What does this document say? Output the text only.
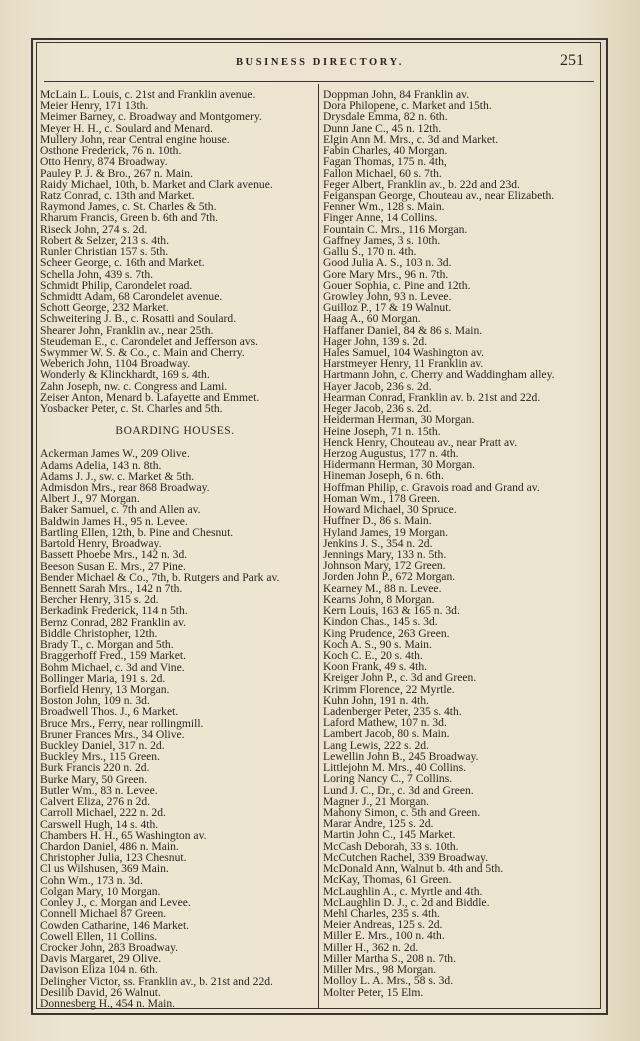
BUSINESS DIRECTORY.	251
McLain L. Louis, c. 21st and Franklin avenue.
Meier Henry, 171 13th.
Meimer Barney, c. Broadway and Montgomery.
Meyer H. H., c. Soulard and Menard.
Mullery John, rear Central engine house.
Osthone Frederick, 76 n. 10th.
Otto Henry, 874 Broadway.
Pauley P. J. & Bro., 267 n. Main.
Raidy Michael, 10th, b. Market and Clark avenue.
Ratz Conrad, c. 13th and Market.
Raymond James, c. St. Charles & 5th.
Rharum Francis, Green b. 6th and 7th.
Riseck John, 274 s. 2d.
Robert & Selzer, 213 s. 4th.
Runler Christian 157 s. 5th.
Scheer George, c. 16th and Market.
Schella John, 439 s. 7th.
Schmidt Philip, Carondelet road.
Schmidtt Adam, 68 Carondelet avenue.
Schott George, 232 Market.
Schweitering J. B., c. Rosatti and Soulard.
Shearer John, Franklin av., near 25th.
Steudeman E., c. Carondelet and Jefferson avs.
Swymmer W. S. & Co., c. Main and Cherry.
Weberich John, 1104 Broadway.
Wonderly & Klinckhardt, 169 s. 4th.
Zahn Joseph, nw. c. Congress and Lami.
Zeiser Anton, Menard b. Lafayette and Emmet.
Yosbacker Peter, c. St. Charles and 5th.
BOARDING HOUSES.
Ackerman James W., 209 Olive.
Adams Adelia, 143 n. 8th.
Adams J. J., sw. c. Market & 5th.
Admisdon Mrs., rear 868 Broadway.
Albert J., 97 Morgan.
Baker Samuel, c. 7th and Allen av.
Baldwin James H., 95 n. Levee.
Bartling Ellen, 12th, b. Pine and Chesnut.
Bartold Henry, Broadway.
Bassett Phoebe Mrs., 142 n. 3d.
Beeson Susan E. Mrs., 27 Pine.
Bender Michael & Co., 7th, b. Rutgers and Park av.
Bennett Sarah Mrs., 142 n 7th.
Bercher Henry, 315 s. 2d.
Berkadink Frederick, 114 n 5th.
Bernz Conrad, 282 Franklin av.
Biddle Christopher, 12th.
Brady T., c. Morgan and 5th.
Braggerhoff Fred., 159 Market.
Bohm Michael, c. 3d and Vine.
Bollinger Maria, 191 s. 2d.
Borfield Henry, 13 Morgan.
Boston John, 109 n. 3d.
Broadwell Thos. J., 6 Market.
Bruce Mrs., Ferry, near rollingmill.
Bruner Frances Mrs., 34 Olive.
Buckley Daniel, 317 n. 2d.
Buckley Mrs., 115 Green.
Burk Francis 220 n. 2d.
Burke Mary, 50 Green.
Butler Wm., 83 n. Levee.
Calvert Eliza, 276 n 2d.
Carroll Michael, 222 n. 2d.
Carswell Hugh, 14 s. 4th.
Chambers H. H., 65 Washington av.
Chardon Daniel, 486 n. Main.
Christopher Julia, 123 Chesnut.
Cl us Wilshusen, 369 Main.
Cohn Wm., 173 n. 3d.
Colgan Mary, 10 Morgan.
Conley J., c. Morgan and Levee.
Connell Michael 87 Green.
Cowden Catharine, 146 Market.
Cowell Ellen, 11 Collins.
Crocker John, 283 Broadway.
Davis Margaret, 29 Olive.
Davison Eliza 104 n. 6th.
Delingher Victor, ss. Franklin av., b. 21st and 22d.
Desilib David, 26 Walnut.
Donnesberg H., 454 n. Main.
Doppman John, 84 Franklin av.
Dora Philopene, c. Market and 15th.
Drysdale Emma, 82 n. 6th.
Dunn Jane C., 45 n. 12th.
Elgin Ann M. Mrs., c. 3d and Market.
Fabin Charles, 40 Morgan.
Fagan Thomas, 175 n. 4th,
Fallon Michael, 60 s. 7th.
Feger Albert, Franklin av., b. 22d and 23d.
Feiganspan George, Chouteau av., near Elizabeth.
Fenner Wm., 128 s. Main.
Finger Anne, 14 Collins.
Fountain C. Mrs., 116 Morgan.
Gaffney James, 3 s. 10th.
Gallu S., 170 n. 4th.
Good Julia A. S., 103 n. 3d.
Gore Mary Mrs., 96 n. 7th.
Gouer Sophia, c. Pine and 12th.
Growley John, 93 n. Levee.
Guilloz P., 17 & 19 Walnut.
Haag A., 60 Morgan.
Haffaner Daniel, 84 & 86 s. Main.
Hager John, 139 s. 2d.
Hales Samuel, 104 Washington av.
Harstmeyer Henry, 11 Franklin av.
Hartmann John, c. Cherry and Waddingham alley.
Hayer Jacob, 236 s. 2d.
Hearman Conrad, Franklin av. b. 21st and 22d.
Heger Jacob, 236 s. 2d.
Heiderman Herman, 30 Morgan.
Heine Joseph, 71 n. 15th.
Henck Henry, Chouteau av., near Pratt av.
Herzog Augustus, 177 n. 4th.
Hidermann Herman, 30 Morgan.
Hineman Joseph, 6 n. 6th.
Hoffman Philip, c. Gravois road and Grand av.
Homan Wm., 178 Green.
Howard Michael, 30 Spruce.
Huffner D., 86 s. Main.
Hyland James, 19 Morgan.
Jenkins J. S., 354 n. 2d.
Jennings Mary, 133 n. 5th.
Johnson Mary, 172 Green.
Jorden John P., 672 Morgan.
Kearney M., 88 n. Levee.
Kearns John, 8 Morgan.
Kern Louis, 163 & 165 n. 3d.
Kindon Chas., 145 s. 3d.
King Prudence, 263 Green.
Koch A. S., 90 s. Main.
Koch C. E., 20 s. 4th.
Koon Frank, 49 s. 4th.
Kreiger John P., c. 3d and Green.
Krimm Florence, 22 Myrtle.
Kuhn John, 191 n. 4th.
Ladenberger Peter, 235 s. 4th.
Laford Mathew, 107 n. 3d.
Lambert Jacob, 80 s. Main.
Lang Lewis, 222 s. 2d.
Lewellin John B., 245 Broadway.
Littlejohn M. Mrs., 40 Collins.
Loring Nancy C., 7 Collins.
Lund J. C., Dr., c. 3d and Green.
Magner J., 21 Morgan.
Mahony Simon, c. 5th and Green.
Marar Andre, 125 s. 2d.
Martin John C., 145 Market.
McCash Deborah, 33 s. 10th.
McCutchen Rachel, 339 Broadway.
McDonald Ann, Walnut b. 4th and 5th.
McKay, Thomas, 61 Green.
McLaughlin A., c. Myrtle and 4th.
McLaughlin D. J., c. 2d and Biddle.
Mehl Charles, 235 s. 4th.
Meier Andreas, 125 s. 2d.
Miller E. Mrs., 100 n. 4th.
Miller H., 362 n. 2d.
Miller Martha S., 208 n. 7th.
Miller Mrs., 98 Morgan.
Molloy L. A. Mrs., 58 s. 3d.
Molter Peter, 15 Elm.
